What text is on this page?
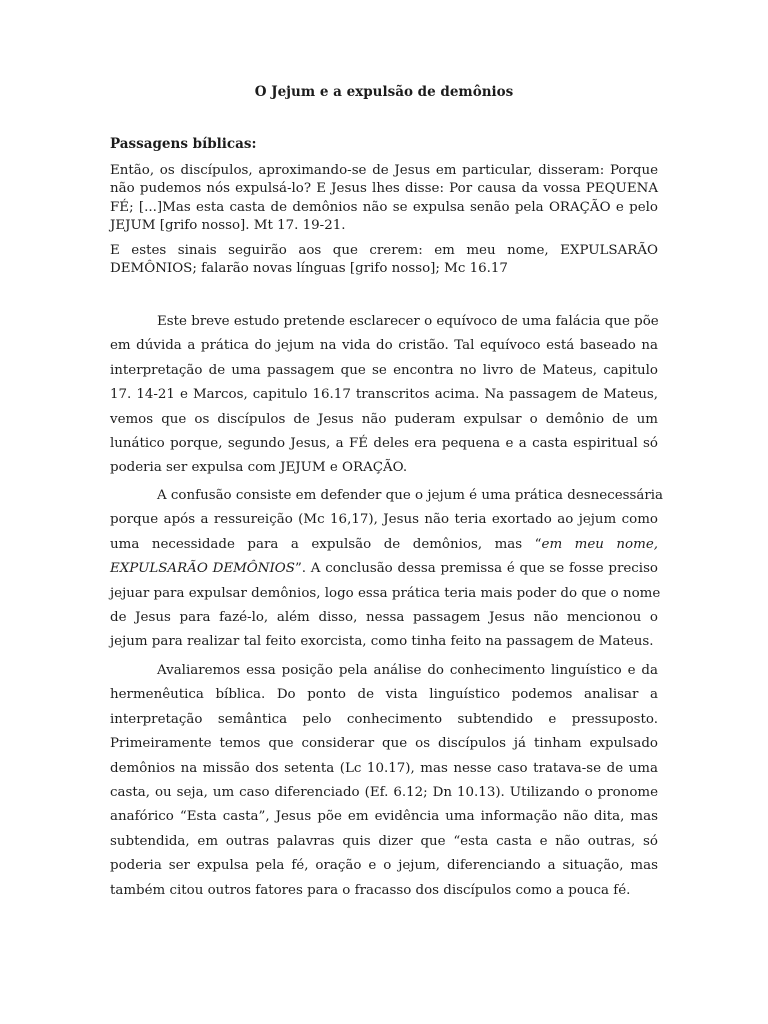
O Jejum e a expulsão de demônios
Passagens bíblicas:
Então, os discípulos, aproximando-se de Jesus em particular, disseram: Porque não pudemos nós expulsá-lo? E Jesus lhes disse: Por causa da vossa PEQUENA FÉ; [...]Mas esta casta de demônios não se expulsa senão pela ORAÇÃO e pelo JEJUM [grifo nosso]. Mt 17. 19-21.
E estes sinais seguirão aos que crerem: em meu nome, EXPULSARÃO DEMÔNIOS; falarão novas línguas [grifo nosso]; Mc 16.17
Este breve estudo pretende esclarecer o equívoco de uma falácia que põe
em dúvida a prática do jejum na vida do cristão. Tal equívoco está baseado na
interpretação de uma passagem que se encontra no livro de Mateus, capitulo
17. 14-21 e Marcos, capitulo 16.17 transcritos acima. Na passagem de Mateus,
vemos que os discípulos de Jesus não puderam expulsar o demônio de um
lunático porque, segundo Jesus, a FÉ deles era pequena e a casta espiritual só
poderia ser expulsa com JEJUM e ORAÇÃO.
A confusão consiste em defender que o jejum é uma prática desnecessária
porque após a ressureição (Mc 16,17), Jesus não teria exortado ao jejum como
uma necessidade para a expulsão de demônios, mas “em meu nome,
EXPULSARÃO DEMÔNIOS”. A conclusão dessa premissa é que se fosse preciso
jejuar para expulsar demônios, logo essa prática teria mais poder do que o nome
de Jesus para fazé-lo, além disso, nessa passagem Jesus não mencionou o
jejum para realizar tal feito exorcista, como tinha feito na passagem de Mateus.
Avaliaremos essa posição pela análise do conhecimento linguístico e da
hermenêutica bíblica. Do ponto de vista linguístico podemos analisar a
interpretação semântica pelo conhecimento subtendido e pressuposto.
Primeiramente temos que considerar que os discípulos já tinham expulsado
demônios na missão dos setenta (Lc 10.17), mas nesse caso tratava-se de uma
casta, ou seja, um caso diferenciado (Ef. 6.12; Dn 10.13). Utilizando o pronome
anafórico “Esta casta”, Jesus põe em evidência uma informação não dita, mas
subtendida, em outras palavras quis dizer que “esta casta e não outras, só
poderia ser expulsa pela fé, oração e o jejum, diferenciando a situação, mas
também citou outros fatores para o fracasso dos discípulos como a pouca fé.
